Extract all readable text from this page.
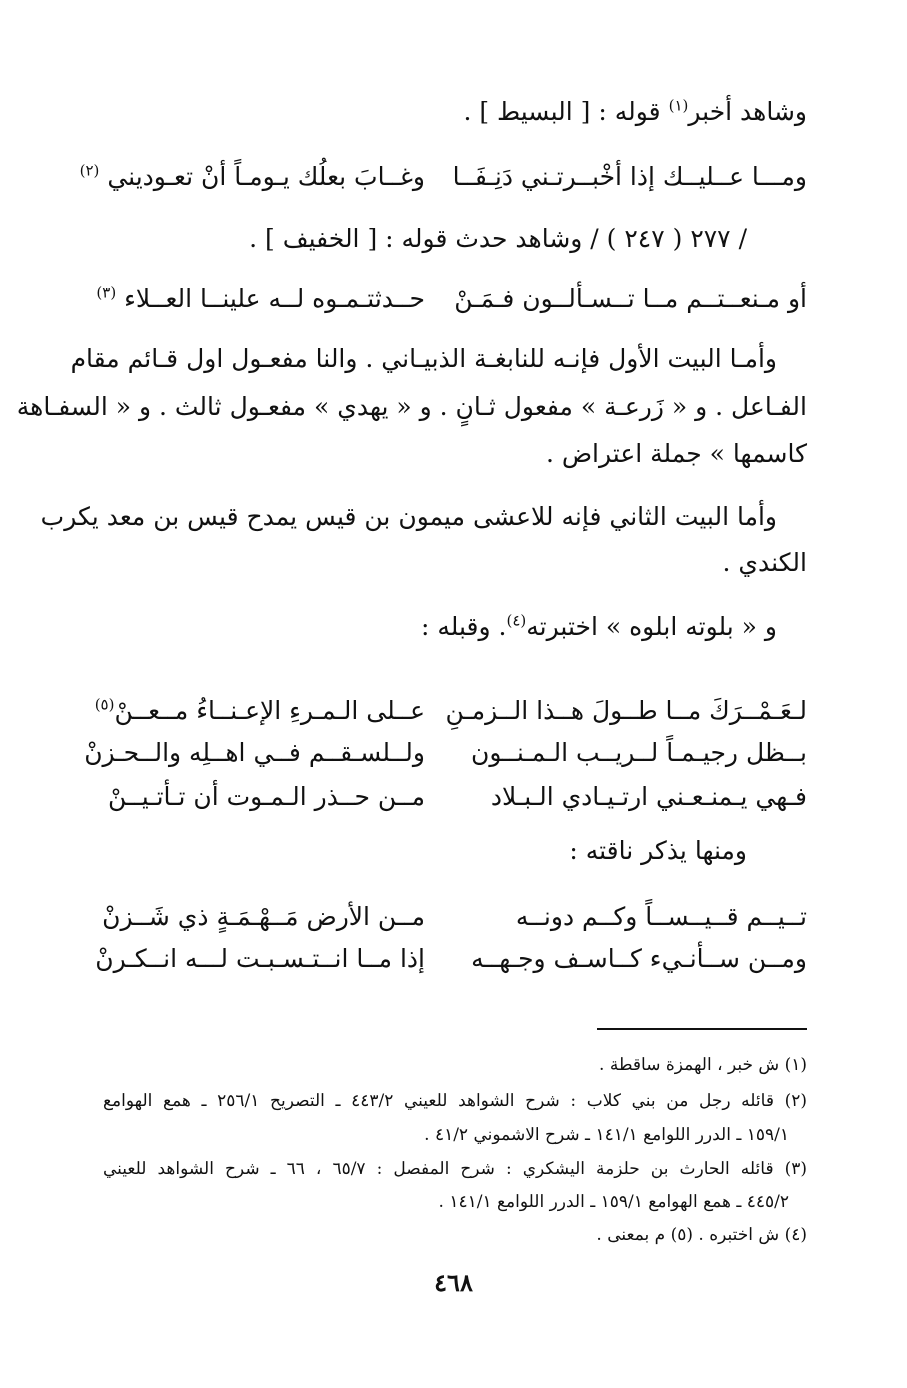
وشاهد أخبر$^{(١)}$ قوله : [ البسيط ] .
ومـــا عــليــك إذا أخْبــرتـني دَنِـفَــا
وغــابَ بعلُك يـومـاً أنْ تعـوديني $^{(٢)}$
/ ٢٧٧ ( ٢٤٧ ) / وشاهد حدث قوله : [ الخفيف ] .
أو مـنعــتــم مــا تــسـألــون فـمَـنْ
حــدثتـمـوه لــه علينــا العــلاء $^{(٣)}$
وأمـا البيت الأول فإنـه للنابغـة الذبيـاني . والنا مفعـول اول قـائم مقام
الفـاعل . و « زَرعـة » مفعول ثـانٍ . و « يهدي » مفعـول ثالث . و « السفـاهة
كاسمها » جملة اعتراض .
وأما البيت الثاني فإنه للاعشى ميمون بن قيس يمدح قيس بن معد يكرب
الكندي .
و « بلوته ابلوه » اختبرته$^{(٤)}$. وقبله :
لـعَـمْــرَكَ مــا طــولَ هــذا الــزمـنِ
عــلى الـمـرءِ الإعـنــاءُ مــعــنْ$^{(٥)}$
بــظل رجيـمـاً لــريــب الـمـنــون
ولــلسـقــم فــي اهــلِه والــحـزنْ
فـهي يـمنـعـني ارتـيـادي الـبـلاد
مــن حــذر الـمـوت أن تـأتـيــنْ
ومنها يذكر ناقته :
تــيــم قــيــســاً وكــم دونــه
مــن الأرض مَــهْـمَـةٍ ذي شَــزنْ
ومــن ســأنـيء كــاسـف وجـهــه
إذا مــا انــتـسـبـت لـــه انــكـرنْ
(١) ش خبر ، الهمزة ساقطة .
(٢) قائله رجل من بني كلاب : شرح الشواهد للعيني ٤٤٣/٢ ـ التصريح ٢٥٦/١ ـ همع الهوامع
١٥٩/١ ـ الدرر اللوامع ١٤١/١ ـ شرح الاشموني ٤١/٢ .
(٣) قائله الحارث بن حلزمة اليشكري : شرح المفصل : ٦٥/٧ ، ٦٦ ـ شرح الشواهد للعيني
٤٤٥/٢ ـ همع الهوامع ١٥٩/١ ـ الدرر اللوامع ١٤١/١ .
(٤) ش اختبره . (٥) م بمعنى .
٤٦٨
